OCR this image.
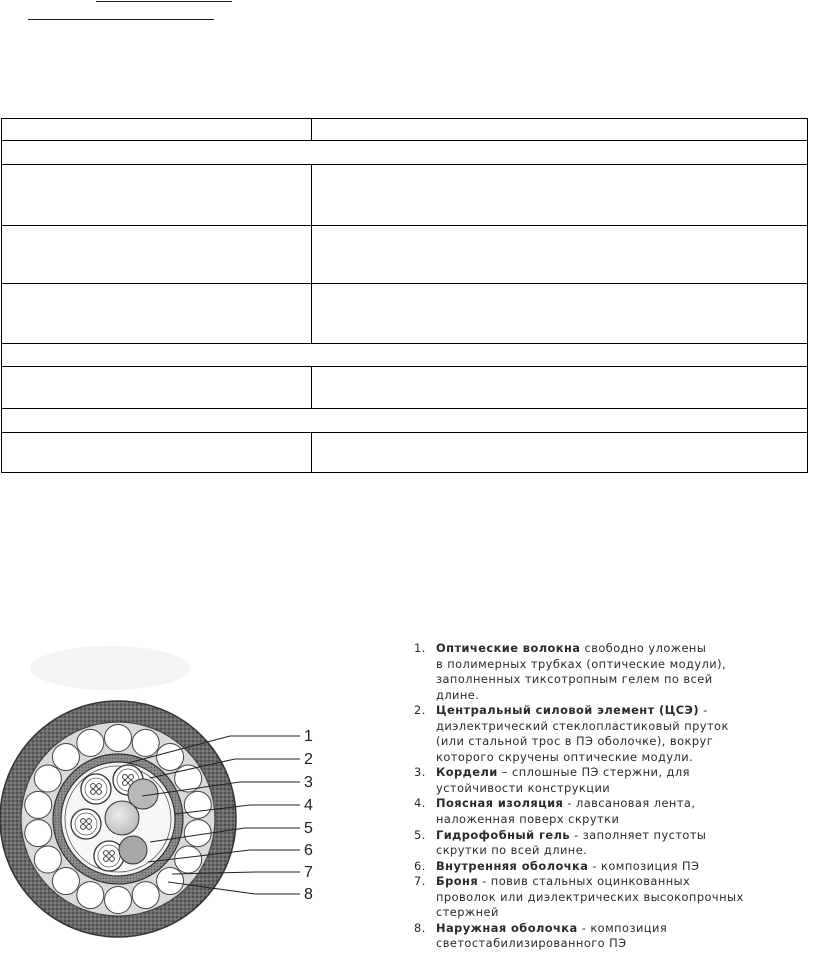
1
2
3
4
5
6
7
8
1. Оптические волокна свободно уложены
в полимерных трубках (оптические модули),
заполненных тиксотропным гелем по всей
длине.
2. Центральный силовой элемент (ЦСЭ) -
диэлектрический стеклопластиковый пруток
(или стальной трос в ПЭ оболочке), вокруг
которого скручены оптические модули.
3. Кордели – сплошные ПЭ стержни, для
устойчивости конструкции
4. Поясная изоляция - лавсановая лента,
наложенная поверх скрутки
5. Гидрофобный гель - заполняет пустоты
скрутки по всей длине.
6. Внутренняя оболочка - композиция ПЭ
7. Броня - повив стальных оцинкованных
проволок или диэлектрических высокопрочных
стержней
8. Наружная оболочка - композиция
светостабилизированного ПЭ
